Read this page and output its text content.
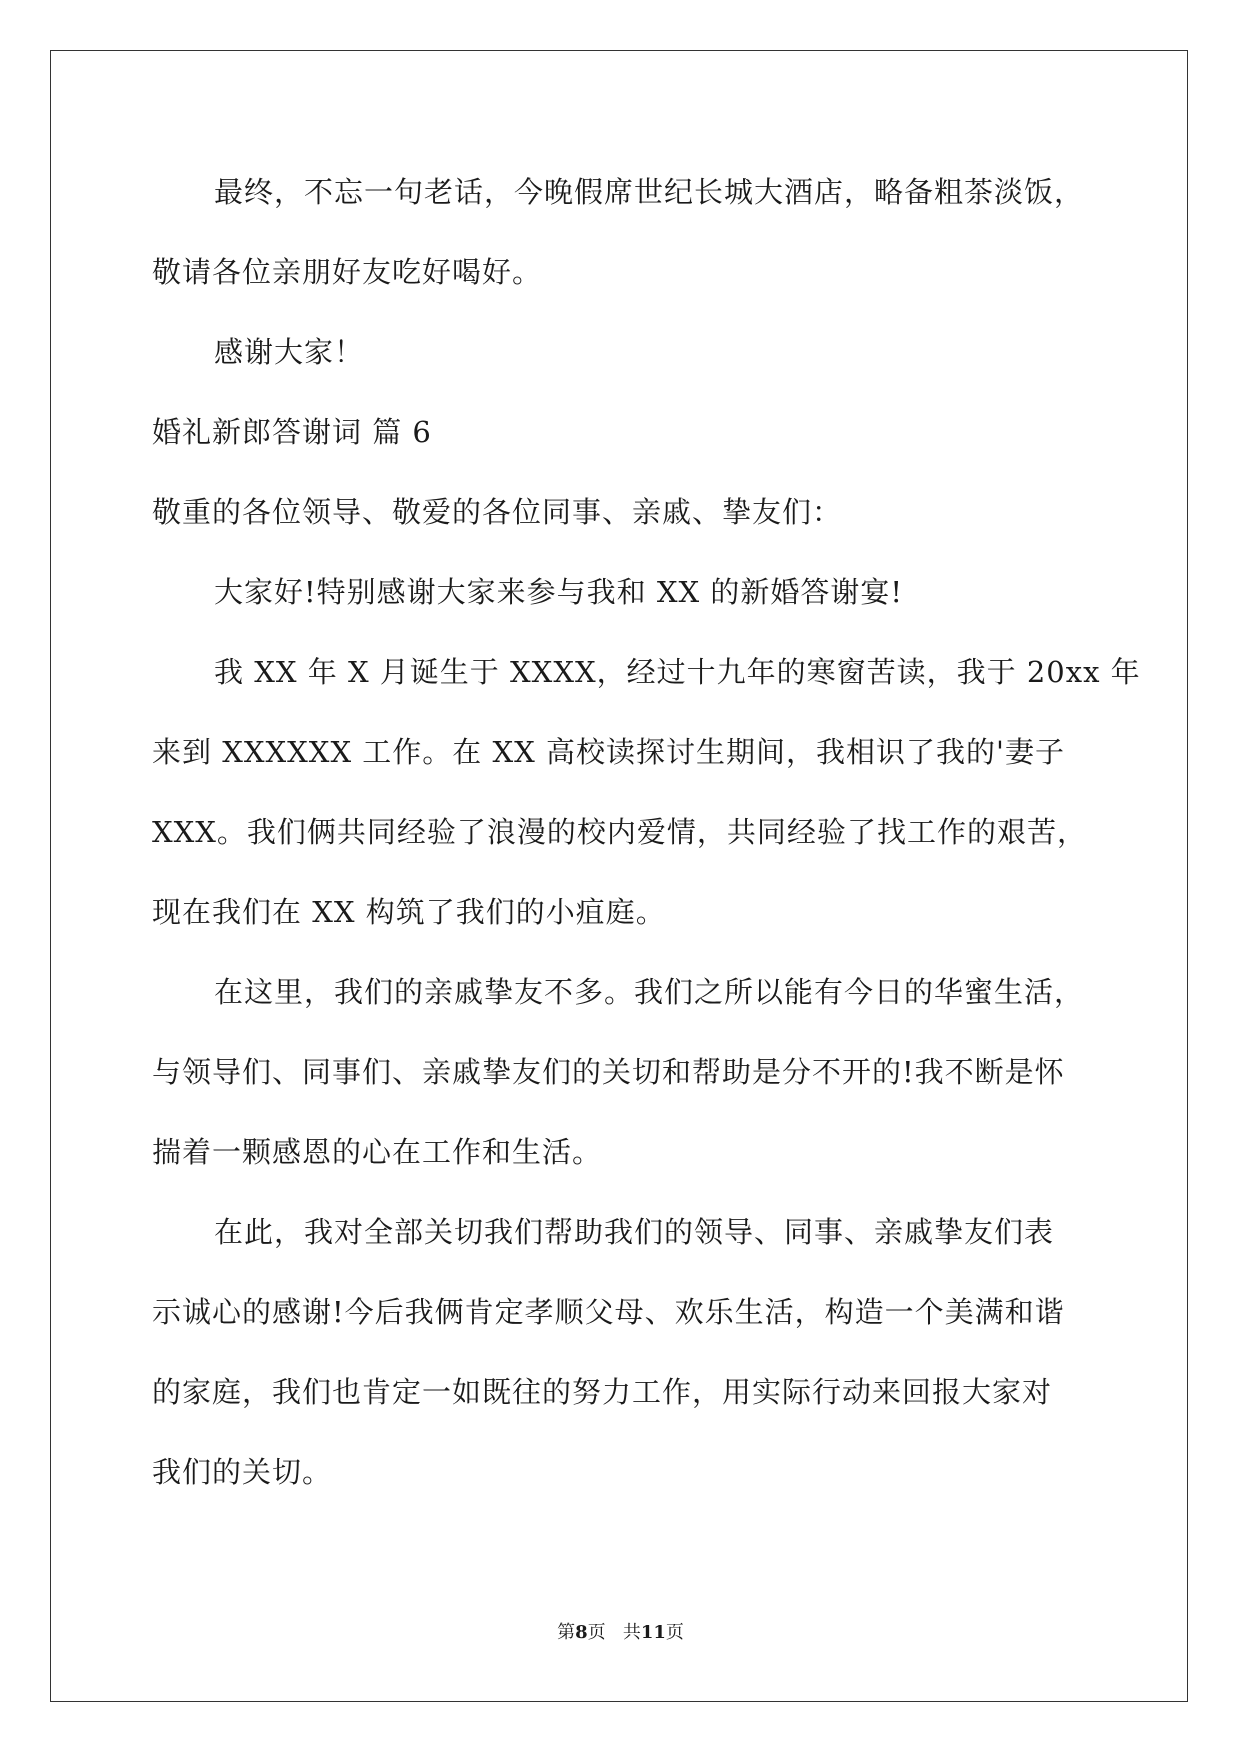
最终，不忘一句老话，今晚假席世纪长城大酒店，略备粗茶淡饭，
敬请各位亲朋好友吃好喝好。
感谢大家！
婚礼新郎答谢词 篇 6
敬重的各位领导、敬爱的各位同事、亲戚、挚友们：
大家好!特别感谢大家来参与我和 XX 的新婚答谢宴!
我 XX 年 X 月诞生于 XXXX，经过十九年的寒窗苦读，我于 20xx 年
来到 XXXXXX 工作。在 XX 高校读探讨生期间，我相识了我的'妻子
XXX。我们俩共同经验了浪漫的校内爱情，共同经验了找工作的艰苦，
现在我们在 XX 构筑了我们的小疽庭。
在这里，我们的亲戚挚友不多。我们之所以能有今日的华蜜生活，
与领导们、同事们、亲戚挚友们的关切和帮助是分不开的!我不断是怀
揣着一颗感恩的心在工作和生活。
在此，我对全部关切我们帮助我们的领导、同事、亲戚挚友们表
示诚心的感谢!今后我俩肯定孝顺父母、欢乐生活，构造一个美满和谐
的家庭，我们也肯定一如既往的努力工作，用实际行动来回报大家对
我们的关切。
第8页 共11页
